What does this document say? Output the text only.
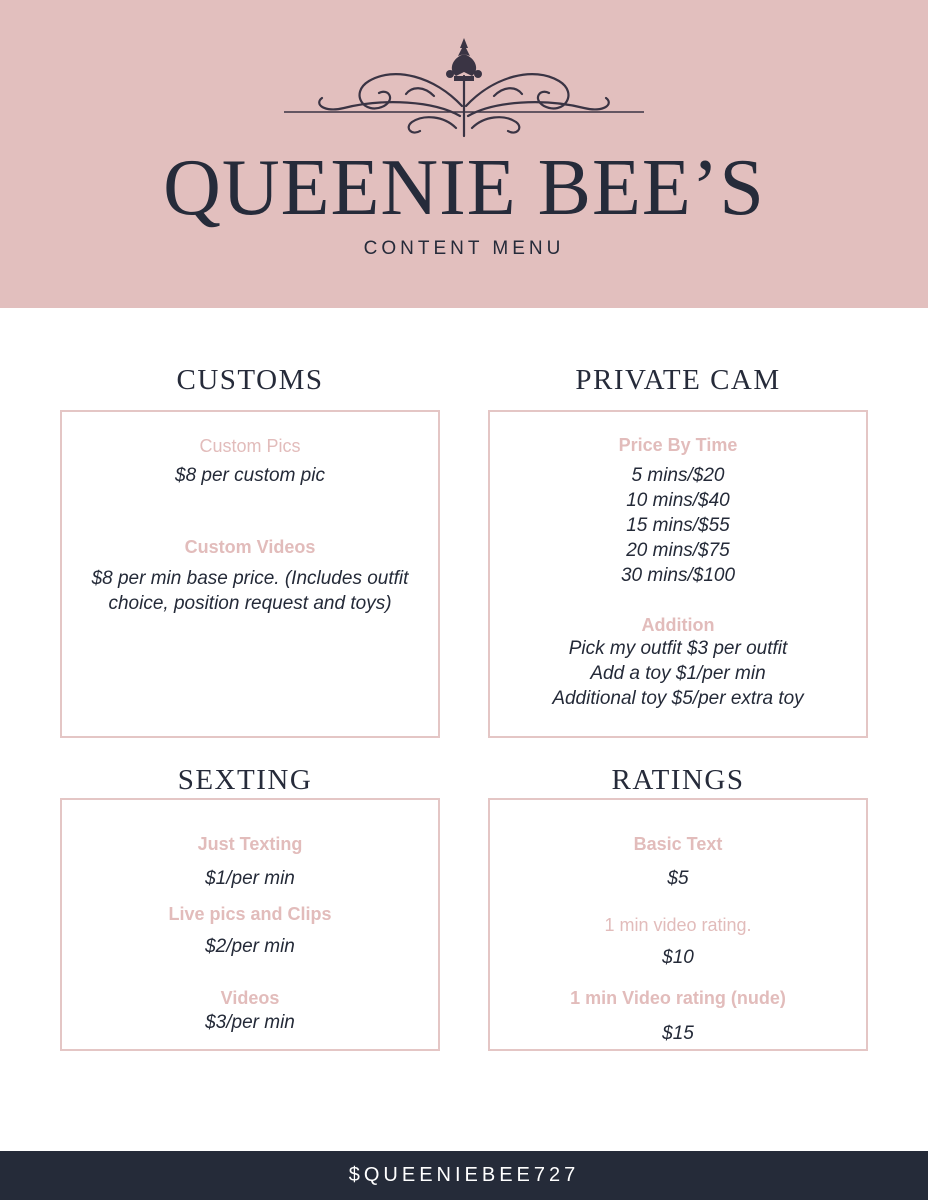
QUEENIE BEE’S
CONTENT MENU
CUSTOMS
Custom Pics
$8 per custom pic
Custom Videos
$8 per min base price. (Includes outfit
choice, position request and toys)
PRIVATE CAM
Price By Time
5 mins/$20
10 mins/$40
15 mins/$55
20 mins/$75
30 mins/$100
Addition
Pick my outfit $3 per outfit
Add a toy $1/per min
Additional toy $5/per extra toy
SEXTING
Just Texting
$1/per min
Live pics and Clips
$2/per min
Videos
$3/per min
RATINGS
Basic Text
$5
1 min video rating.
$10
1 min Video rating (nude)
$15
$QUEENIEBEE727
